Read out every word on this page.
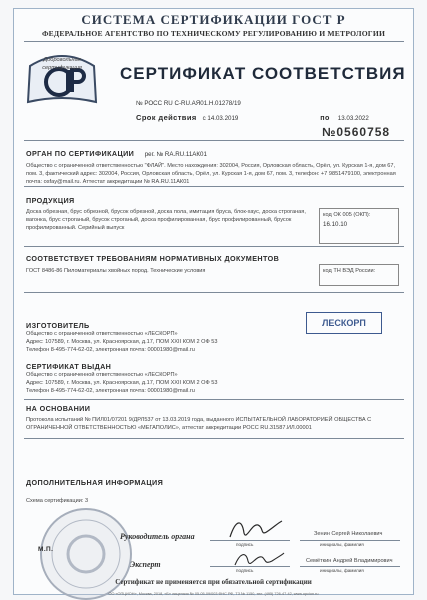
СИСТЕМА СЕРТИФИКАЦИИ ГОСТ Р
ФЕДЕРАЛЬНОЕ АГЕНТСТВО ПО ТЕХНИЧЕСКОМУ РЕГУЛИРОВАНИЮ И МЕТРОЛОГИИ
Добровольная сертификация	СЕРТИФИКАТ СООТВЕТСТВИЯ
№ РОСС RU С-RU.АЯ01.Н.01278/19
Срок действия с 14.03.2019	по 13.03.2022
№0560758
ОРГАН ПО СЕРТИФИКАЦИИ рег. № RA.RU.11АК01
Общество с ограниченной ответственностью "ФЛАЙ". Место нахождения: 302004, Россия, Орловская область, Орёл, ул. Курская 1-я, дом 67, пом. 3, фактический адрес: 302004, Россия, Орловская область, Орёл, ул. Курская 1-я, дом 67, пом. 3, телефон: +7 9851479100, электронная почта: osfay@mail.ru. Аттестат аккредитации № RA.RU.11АК01
ПРОДУКЦИЯ
Доска обрезная, брус обрезной, брусок обрезной, доска пола, имитация бруса, блок-хаус, доска строганая, вагонка, брус строганый, брусок строганый, доска профилированная, брус профилированный, брусок профилированный. Серийный выпуск
код ОК 005 (ОКП):
16.10.10
СООТВЕТСТВУЕТ ТРЕБОВАНИЯМ НОРМАТИВНЫХ ДОКУМЕНТОВ
ГОСТ 8486-86 Пиломатериалы хвойных пород. Технические условия	код ТН ВЭД России:
ИЗГОТОВИТЕЛЬ
Общество с ограниченной ответственностью «ЛЕСКОРП»
Адрес: 107589, г. Москва, ул. Красноярская, д.17, ПОМ XXII КОМ 2 ОФ 53
Телефон 8-495-774-62-02, электронная почта: 00001980@mail.ru
ЛЕСКОРП
СЕРТИФИКАТ ВЫДАН
Общество с ограниченной ответственностью «ЛЕСКОРП»
Адрес: 107589, г. Москва, ул. Красноярская, д.17, ПОМ XXII КОМ 2 ОФ 53
Телефон 8-495-774-62-02, электронная почта: 00001980@mail.ru
НА ОСНОВАНИИ
Протокола испытаний № ПИЛ01/07201 9/ДРЛ537 от 13.03.2019 года, выданного ИСПЫТАТЕЛЬНОЙ ЛАБОРАТОРИЕЙ ОБЩЕСТВА С ОГРАНИЧЕННОЙ ОТВЕТСТВЕННОСТЬЮ «МЕГАПОЛИС», аттестат аккредитации РОСС RU.31587.ИЛ.00001
ДОПОЛНИТЕЛЬНАЯ ИНФОРМАЦИЯ
Схема сертификации: 3
М.П.
Руководитель органа
подпись
Зенин Сергей Николаевич
инициалы, фамилия
Эксперт
подпись
Семёткин Андрей Владимирович
инициалы, фамилия
Сертификат не применяется при обязательной сертификации
OO «ОПЦИОН», Москва, 2018, «Б» лицензия № 05-05-09/003 ФНС РФ, ТЗ № 1150, тел. (495) 726-47-42, www.opcion.ru
